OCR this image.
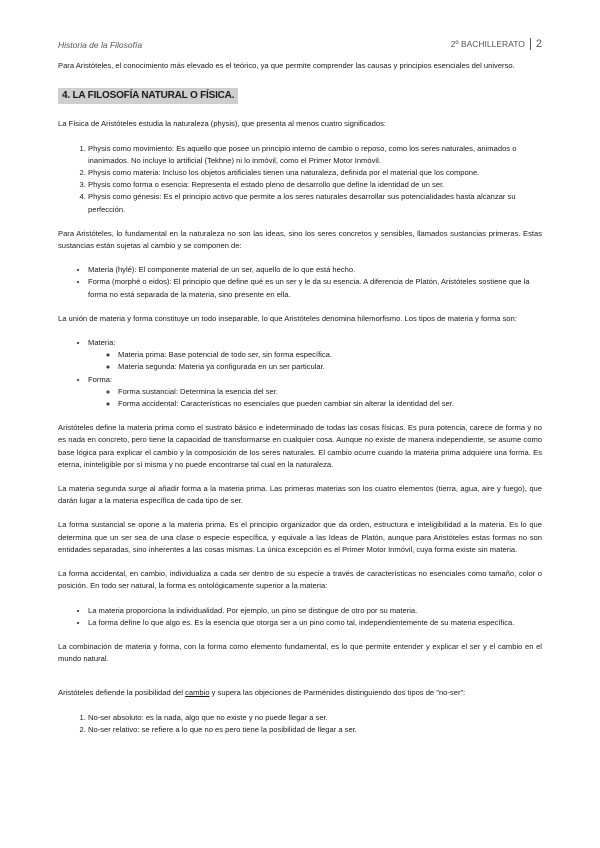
Historia de la Filosofía	2º BACHILLERATO 2

Para Aristóteles, el conocimiento más elevado es el teórico, ya que permite comprender las causas y principios esenciales del universo.

4. LA FILOSOFÍA NATURAL O FÍSICA.

La Física de Aristóteles estudia la naturaleza (physis), que presenta al menos cuatro significados:

1. Physis como movimiento: Es aquello que posee un principio interno de cambio o reposo, como los seres naturales, animados o inanimados. No incluye lo artificial (Tekhne) ni lo inmóvil, como el Primer Motor Inmóvil.
2. Physis como materia: Incluso los objetos artificiales tienen una naturaleza, definida por el material que los compone.
3. Physis como forma o esencia: Representa el estado pleno de desarrollo que define la identidad de un ser.
4. Physis como génesis: Es el principio activo que permite a los seres naturales desarrollar sus potencialidades hasta alcanzar su perfección.

Para Aristóteles, lo fundamental en la naturaleza no son las ideas, sino los seres concretos y sensibles, llamados sustancias primeras. Estas sustancias están sujetas al cambio y se componen de:

• Materia (hylé): El componente material de un ser, aquello de lo que está hecho.
• Forma (morphé o eidos): El principio que define qué es un ser y le da su esencia. A diferencia de Platón, Aristóteles sostiene que la forma no está separada de la materia, sino presente en ella.

La unión de materia y forma constituye un todo inseparable, lo que Aristóteles denomina hilemorfismo. Los tipos de materia y forma son:

• Materia:
◦ Materia prima: Base potencial de todo ser, sin forma específica.
◦ Materia segunda: Materia ya configurada en un ser particular.
• Forma:
◦ Forma sustancial: Determina la esencia del ser.
◦ Forma accidental: Características no esenciales que pueden cambiar sin alterar la identidad del ser.

Aristóteles define la materia prima como el sustrato básico e indeterminado de todas las cosas físicas. Es pura potencia, carece de forma y no es nada en concreto, pero tiene la capacidad de transformarse en cualquier cosa. Aunque no existe de manera independiente, se asume como base lógica para explicar el cambio y la composición de los seres naturales. El cambio ocurre cuando la materia prima adquiere una forma. Es eterna, ininteligible por sí misma y no puede encontrarse tal cual en la naturaleza.

La materia segunda surge al añadir forma a la materia prima. Las primeras materias son los cuatro elementos (tierra, agua, aire y fuego), que darán lugar a la materia específica de cada tipo de ser.

La forma sustancial se opone a la materia prima. Es el principio organizador que da orden, estructura e inteligibilidad a la materia. Es lo que determina que un ser sea de una clase o especie específica, y equivale a las Ideas de Platón, aunque para Aristóteles estas formas no son entidades separadas, sino inherentes a las cosas mismas. La única excepción es el Primer Motor Inmóvil, cuya forma existe sin materia.

La forma accidental, en cambio, individualiza a cada ser dentro de su especie a través de características no esenciales como tamaño, color o posición. En todo ser natural, la forma es ontológicamente superior a la materia:

• La materia proporciona la individualidad. Por ejemplo, un pino se distingue de otro por su materia.
• La forma define lo que algo es. Es la esencia que otorga ser a un pino como tal, independientemente de su materia específica.

La combinación de materia y forma, con la forma como elemento fundamental, es lo que permite entender y explicar el ser y el cambio en el mundo natural.

Aristóteles defiende la posibilidad del cambio y supera las objeciones de Parménides distinguiendo dos tipos de "no-ser":

1. No-ser absoluto: es la nada, algo que no existe y no puede llegar a ser.
2. No-ser relativo: se refiere a lo que no es pero tiene la posibilidad de llegar a ser.
